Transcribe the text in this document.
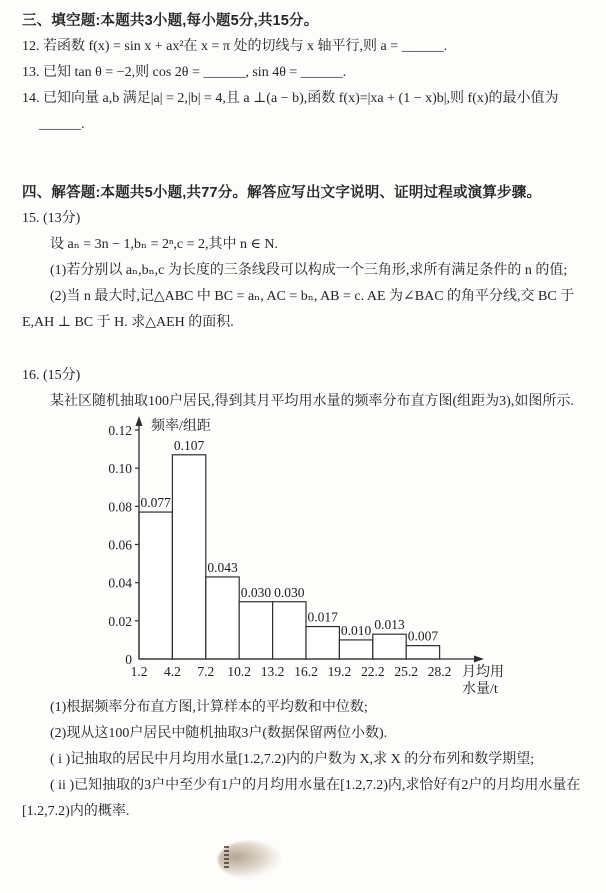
三、填空题:本题共3小题,每小题5分,共15分。

12. 若函数 f(x) = sin x + ax²在 x = π 处的切线与 x 轴平行,则 a = ______.

13. 已知 tan θ = −2,则 cos 2θ = ______, sin 4θ = ______.

14. 已知向量 a,b 满足|a| = 2,|b| = 4,且 a ⊥(a − b),函数 f(x)=|xa + (1 − x)b|,则 f(x)的最小值为______.

四、解答题:本题共5小题,共77分。解答应写出文字说明、证明过程或演算步骤。

15. (13分)

设 aₙ = 3n − 1,bₙ = 2ⁿ,c = 2,其中 n ∈ N.

(1)若分别以 aₙ,bₙ,c 为长度的三条线段可以构成一个三角形,求所有满足条件的 n 的值;

(2)当 n 最大时,记△ABC 中 BC = aₙ, AC = bₙ, AB = c. AE 为∠BAC 的角平分线,交 BC 于 E,AH ⊥ BC 于 H. 求△AEH 的面积.

16. (15分)

某社区随机抽取100户居民,得到其月平均用水量的频率分布直方图(组距为3),如图所示.

0.077
0.107
0.043
0.030 0.030
0.017
0.010 0.013
0.007
0
0.02
0.04
0.06
0.08
0.10
0.12
1.2 4.2 7.2 10.2 13.2 16.2 19.2 22.2 25.2 28.2
频率/组距
月均用
水量/t

(1)根据频率分布直方图,计算样本的平均数和中位数;

(2)现从这100户居民中随机抽取3户(数据保留两位小数).

( i )记抽取的居民中月均用水量[1.2,7.2)内的户数为 X,求 X 的分布列和数学期望;

( ii )已知抽取的3户中至少有1户的月均用水量在[1.2,7.2)内,求恰好有2户的月均用水量在[1.2,7.2)内的概率.
